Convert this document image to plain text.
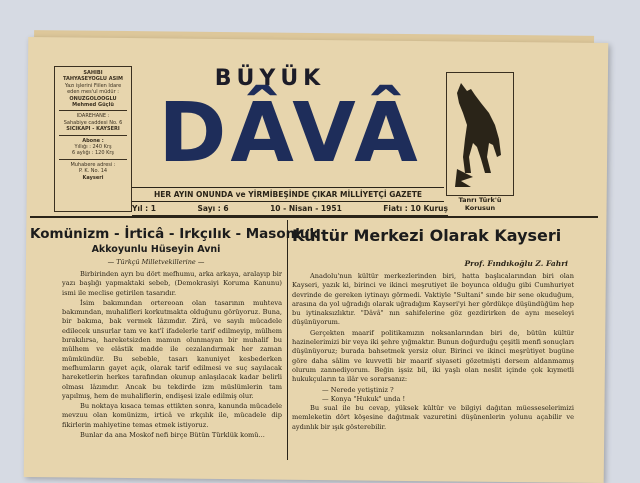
SAHİBİ
TAHYASEYOĞLU ÂSIM
Yazı işlerini Fiilen İdare
eden mes'ul müdür :
ONUZGÖLÖOĞLU
Mehmed Güçlü
İDAREHANE :
Sahabiye caddesi No. 6
SİCİKAPI - KAYSERİ
Abone :
Yıllığı : 240 Krş
6 aylığı : 120 Krş
Muhabere adresi :
P. K. No. 14
Kayseri
BÜYÜK
DÂVÂ
Tanrı Türk'ü
Korusun
HER AYIN ONUNDA ve YİRMİBEŞİNDE ÇIKAR MİLLİYETÇİ GAZETE
Yıl : 1	Sayı : 6	10 - Nisan - 1951	Fiatı : 10 Kuruş
Komünizm - İrticâ - Irkçılık - Masonluk
Akkoyunlu Hüseyin Avni
— Türkçü Milletvekillerine —

Birbirinden ayrı bu dört mefhumu, arka arkaya, aralayıp bir yazı başlığı yapmaktaki sebeb, (Demokrasiyi Koruma Kanunu) ismi ile meclise getirilen tasarıdır.

İsim bakımından ortereoan olan tasarının muhteva bakımından, muhalifleri korkutmakta olduğunu görüyoruz. Buna, bir bakıma, bak vermek lâzımdır. Zirâ, ve sayılı mücadele edilecek unsurlar tam ve kat'î ifadelerle tarif edilmeyip, mülhem bırakılırsa, hareketsizden mamun olunmayan bir muhalif bu mülhem ve elâstik madde ile cezalandırmak her zaman mümkündür. Bu sebeble, tasarı kanuniyet kesbederken mefhumların gayet açık, olarak tarif edilmesi ve suç sayılacak hareketlerin herkes tarafından okunup anlaşılacak kadar belirli olması lâzımdır. Ancak bu tekdirde izm müslümlerin tam yapılmış, hem de muhaliflerin, endişesi izale edilmiş olur.

Bu noktaya kısaca temas ettikten sonra, kanunda mücadele mevzuu olan komünizm, irticâ ve ırkçılık ile, mücadele dip fikirlerin mahiyetine temas etmek istiyoruz.

Bunlar da ana Moskof nefi birçe Bütün Türklük komü...

Kültür Merkezi Olarak Kayseri
Prof. Fındıkoğlu Z. Fahri

Anadolu'nun kültür merkezlerinden biri, hatta başlıcalarından biri olan Kayseri, yazık ki, birinci ve ikinci meşrutiyet ile boyunca olduğu gibi Cumhuriyet devrinde de gereken iytinayı görmedi. Vaktiyle "Sultani" sınde bir sene okuduğum, arasına da yol uğradığı olarak uğradığım Kayseri'yi her gördükçe düşündüğüm hep bu iytinaksızlıktır. "Dâvâ" nın sahifelerine göz gezdirirken de aynı meseleyi düşünüyorum.

Gerçekten maarif politikamızın noksanlarından biri de, bütün kültür hazinelerimizi bir veya iki şehre yığmaktır. Bunun doğurduğu çeşitli menfi sonuçları düşünüyoruz; burada bahsetmek yersiz olur. Birinci ve ikinci meşrûtiyet bugüne göre daha sâlim ve kuvvetli bir maarif siyaseti gözetmişti derseın aldanmamış olurum zannediyorum. Beğin işsiz bil, iki yaşlı olan neslit içinde çok kıymetli hukukçuların ta ilâr ve sorarsanız:

— Nerede yetiştiniz ?

— Konya "Hukuk" unda !

Bu sual ile bu cevap, yüksek kültür ve bilgiyi dağıtan müesseselerimizi memleketin dört köşesine dağıtmak vazuretini düşünenlerin yolunu açabilir ve aydınlık bir ışık gösterebilir.
